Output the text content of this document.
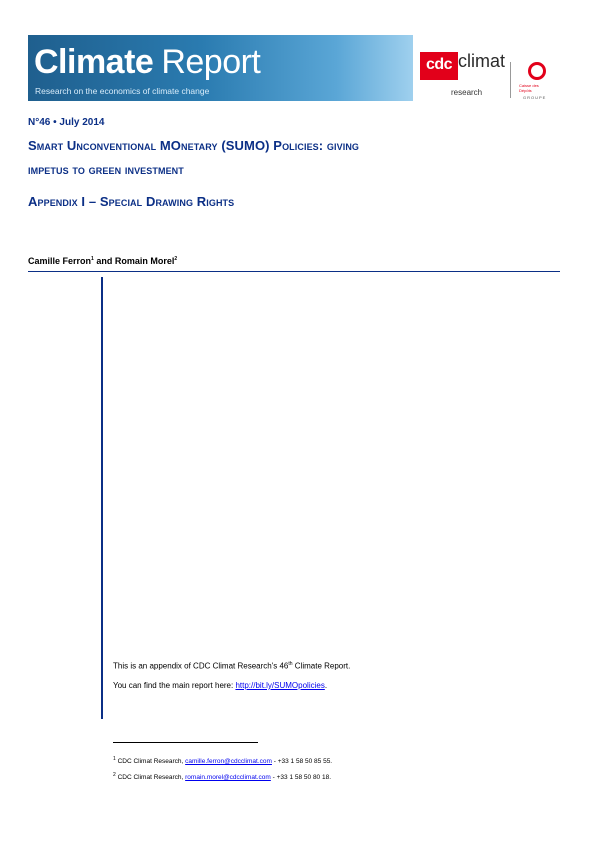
Climate Report
Research on the economics of climate change
cdc climat
research
Caisse des Dépôts
GROUPE
N°46 • July 2014
Smart Unconventional MOnetary (SUMO) Policies: giving
impetus to green investment
Appendix I – Special Drawing Rights
Camille Ferron$^1$ and Romain Morel$^2$
This is an appendix of CDC Climat Research's 46th Climate Report.
You can find the main report here: http://bit.ly/SUMOpolicies.
$^1$ CDC Climat Research, camille.ferron@cdcclimat.com - +33 1 58 50 85 55.
$^2$ CDC Climat Research, romain.morel@cdcclimat.com - +33 1 58 50 80 18.
